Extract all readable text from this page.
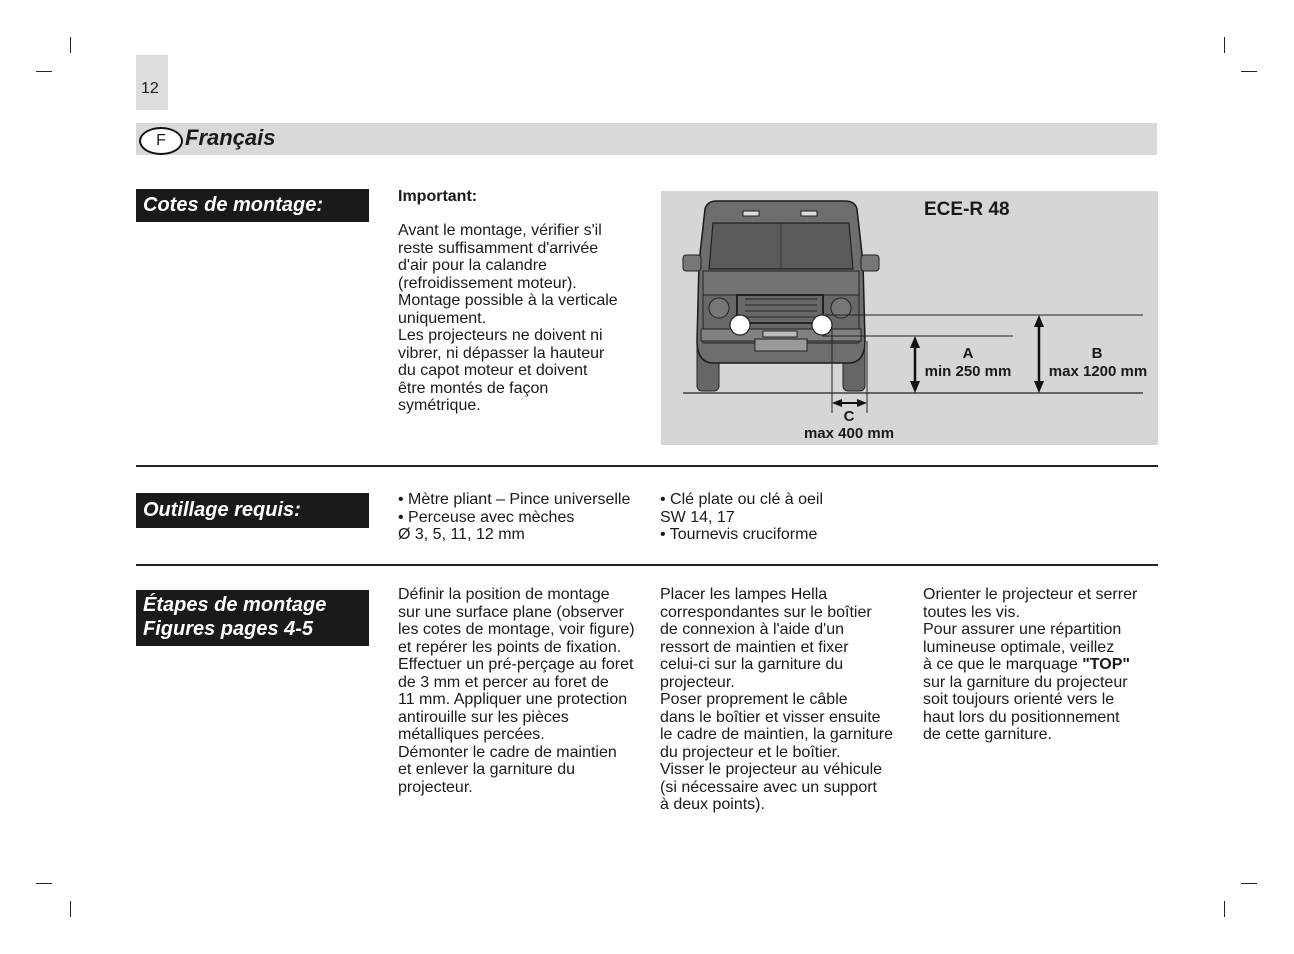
12
F Français
Cotes de montage:	Important:

Avant le montage, vérifier s'il
reste suffisamment d'arrivée
d'air pour la calandre
(refroidissement moteur).
Montage possible à la verticale
uniquement.
Les projecteurs ne doivent ni
vibrer, ni dépasser la hauteur
du capot moteur et doivent
être montés de façon
symétrique.

ECE-R 48
A
min 250 mm
B
max 1200 mm
C
max 400 mm
Outillage requis:	• Mètre pliant – Pince universelle
• Perceuse avec mèches
Ø 3, 5, 11, 12 mm

• Clé plate ou clé à oeil
SW 14, 17
• Tournevis cruciforme

Étapes de montage
Figures pages 4-5

Définir la position de montage
sur une surface plane (observer
les cotes de montage, voir figure)
et repérer les points de fixation.
Effectuer un pré-perçage au foret
de 3 mm et percer au foret de
11 mm. Appliquer une protection
antirouille sur les pièces
métalliques percées.
Démonter le cadre de maintien
et enlever la garniture du
projecteur.

Placer les lampes Hella
correspondantes sur le boîtier
de connexion à l'aide d'un
ressort de maintien et fixer
celui-ci sur la garniture du
projecteur.
Poser proprement le câble
dans le boîtier et visser ensuite
le cadre de maintien, la garniture
du projecteur et le boîtier.
Visser le projecteur au véhicule
(si nécessaire avec un support
à deux points).

Orienter le projecteur et serrer
toutes les vis.
Pour assurer une répartition
lumineuse optimale, veillez
à ce que le marquage "TOP"
sur la garniture du projecteur
soit toujours orienté vers le
haut lors du positionnement
de cette garniture.
